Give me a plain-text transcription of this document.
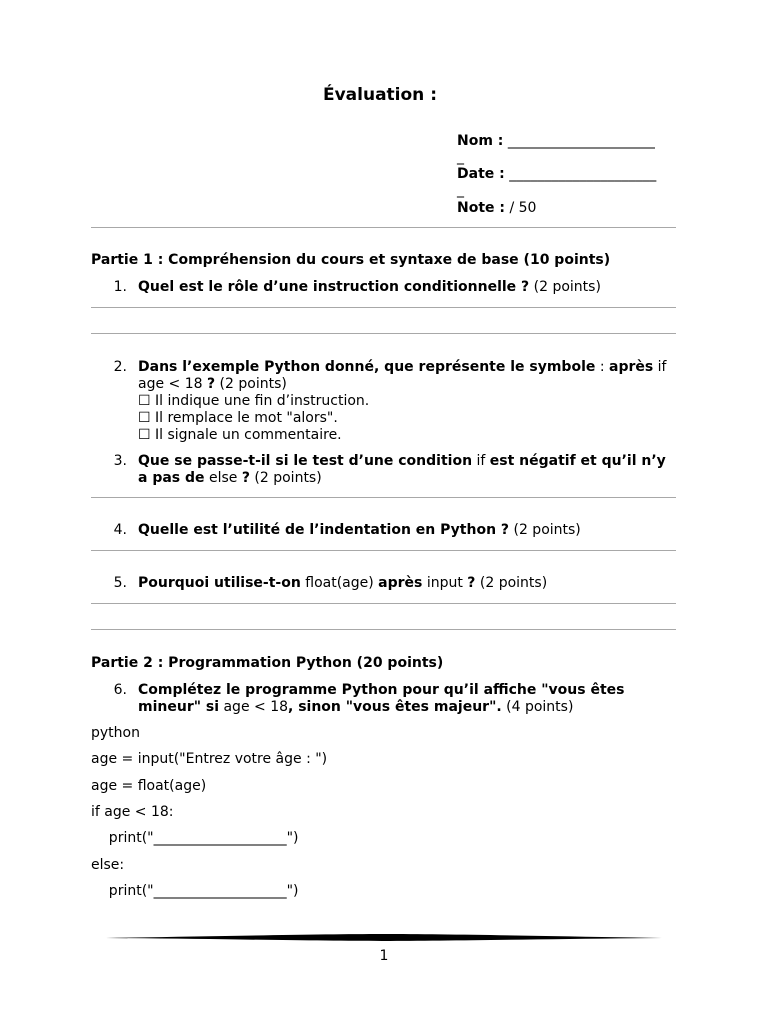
Évaluation :
Nom : _____________________
_
Date : _____________________
_
Note : / 50
Partie 1 : Compréhension du cours et syntaxe de base (10 points)
1. Quel est le rôle d’une instruction conditionnelle ? (2 points)
2. Dans l’exemple Python donné, que représente le symbole : après if age < 18 ? (2 points)
☐ Il indique une fin d’instruction.
☐ Il remplace le mot "alors".
☐ Il signale un commentaire.
3. Que se passe-t-il si le test d’une condition if est négatif et qu’il n’y a pas de else ? (2 points)
4. Quelle est l’utilité de l’indentation en Python ? (2 points)
5. Pourquoi utilise-t-on float(age) après input ? (2 points)
Partie 2 : Programmation Python (20 points)
6. Complétez le programme Python pour qu’il affiche "vous êtes mineur" si age < 18, sinon "vous êtes majeur". (4 points)
python
age = input("Entrez votre âge : ")
age = float(age)
if age < 18:
print("___________________")
else:
print("___________________")
1
